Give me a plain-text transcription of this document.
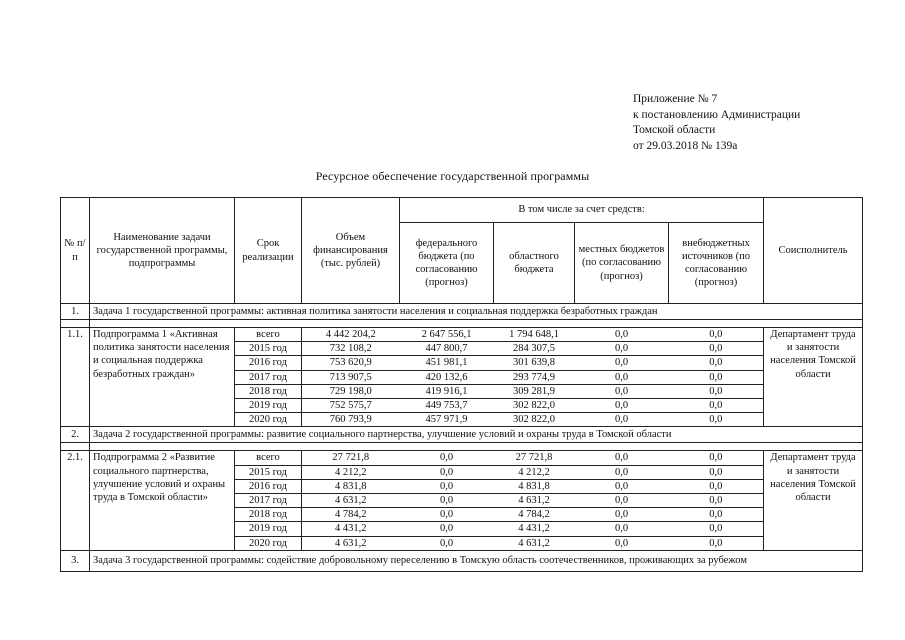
Приложение № 7
к постановлению Администрации
Томской области
от 29.03.2018 № 139а
Ресурсное обеспечение государственной программы
№ п/п	Наименование задачи государственной программы, подпрограммы	Срок реализации	Объем финансирования (тыс. рублей)	В том числе за счет средств:				Соисполнитель
				федерального бюджета (по согласованию (прогноз)	областного бюджета	местных бюджетов (по согласованию (прогноз)	внебюджетных источников (по согласованию (прогноз)	
1.	Задача 1 государственной программы: активная политика занятости населения и социальная поддержка безработных граждан							

1.1.	Подпрограмма 1 «Активная политика занятости населения и социальная поддержка безработных граждан»	всего	4 442 204,2	2 647 556,1	1 794 648,1	0,0	0,0	Департамент труда и занятости населения Томской области
		2015 год	732 108,2	447 800,7	284 307,5	0,0	0,0	
		2016 год	753 620,9	451 981,1	301 639,8	0,0	0,0	
		2017 год	713 907,5	420 132,6	293 774,9	0,0	0,0	
		2018 год	729 198,0	419 916,1	309 281,9	0,0	0,0	
		2019 год	752 575,7	449 753,7	302 822,0	0,0	0,0	
		2020 год	760 793,9	457 971,9	302 822,0	0,0	0,0	
2.	Задача 2 государственной программы: развитие социального партнерства, улучшение условий и охраны труда в Томской области							

2.1.	Подпрограмма 2 «Развитие социального партнерства, улучшение условий и охраны труда в Томской области»	всего	27 721,8	0,0	27 721,8	0,0	0,0	Департамент труда и занятости населения Томской области
		2015 год	4 212,2	0,0	4 212,2	0,0	0,0	
		2016 год	4 831,8	0,0	4 831,8	0,0	0,0	
		2017 год	4 631,2	0,0	4 631,2	0,0	0,0	
		2018 год	4 784,2	0,0	4 784,2	0,0	0,0	
		2019 год	4 431,2	0,0	4 431,2	0,0	0,0	
		2020 год	4 631,2	0,0	4 631,2	0,0	0,0	
3.	Задача 3 государственной программы: содействие добровольному переселению в Томскую область соотечественников, проживающих за рубежом							
